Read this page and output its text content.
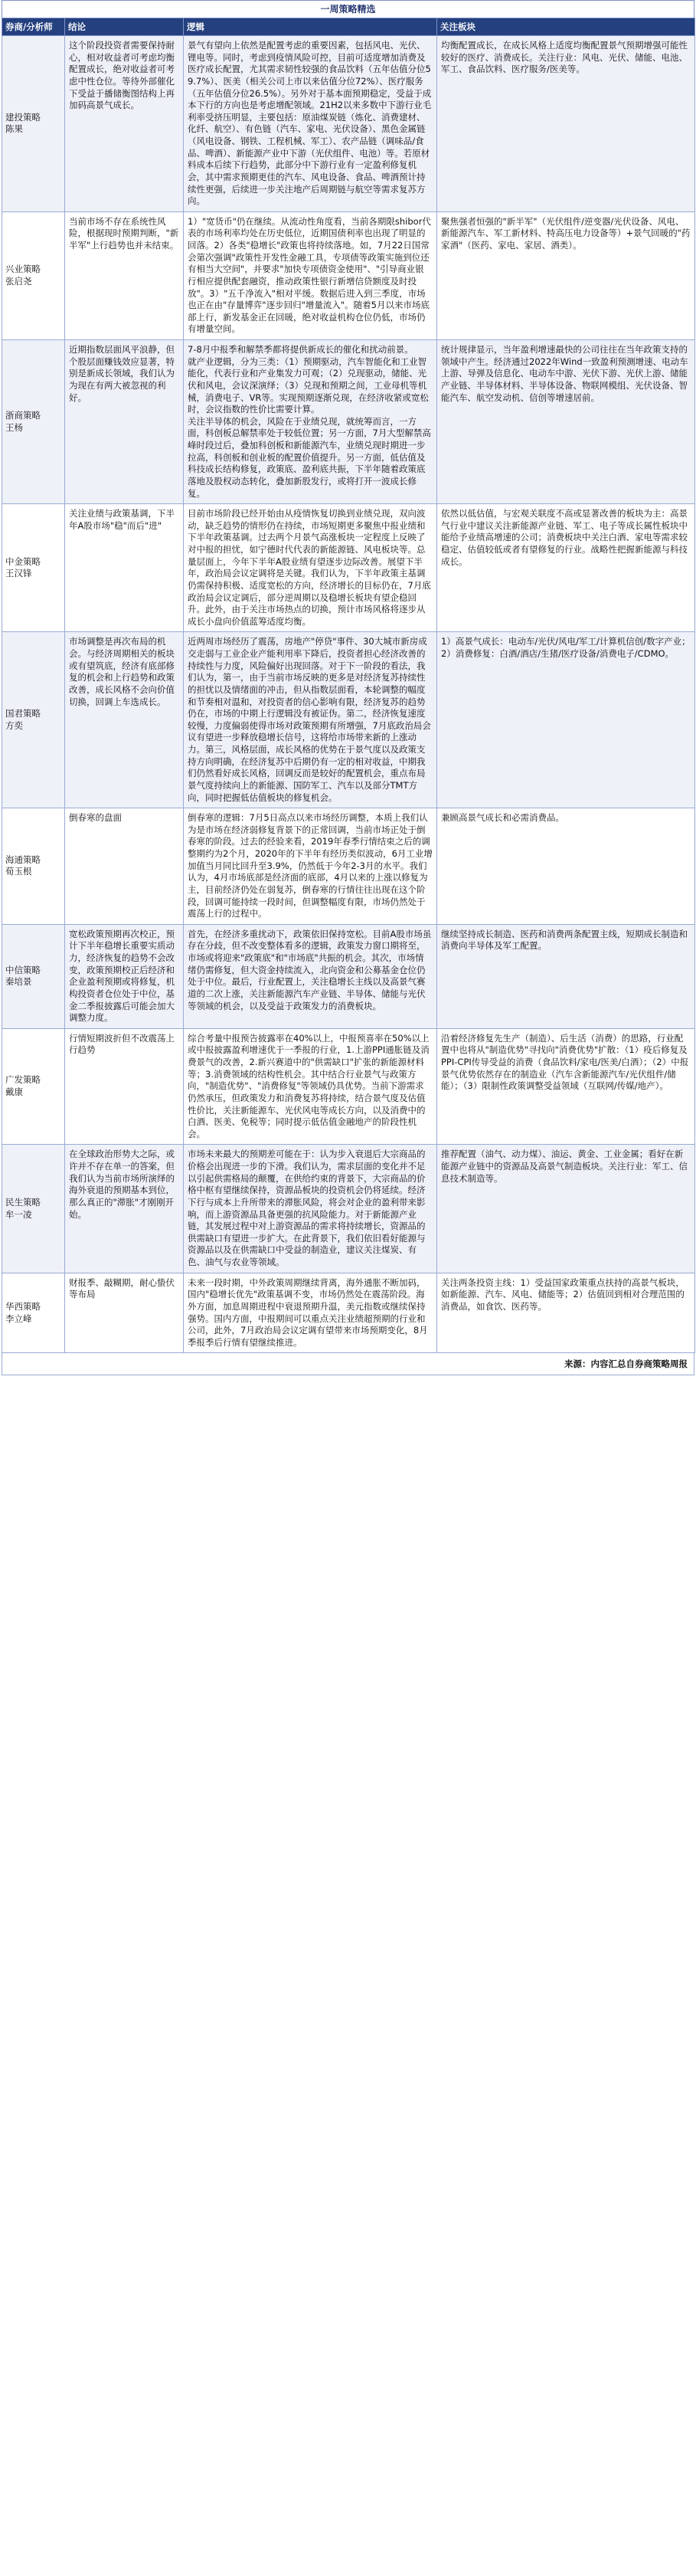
一周策略精选
券商/分析师	结论	逻辑	关注板块

建投策略
陈果	这个阶段投资者需要保持耐心，相对收益者可考虑均衡配置成长，绝对收益者可考虑中性仓位。等待外部催化下受益于播储衡图结构上再加码高景气成长。	景气有望向上依然是配置考虑的重要因素，包括风电、光伏、锂电等。同时，考虑到疫情风险可控，目前可适度增加消费及医疗成长配置，尤其需求韧性较强的食品饮料（五年估值分位59.7%）、医美（相关公司上市以来估值分位72%）、医疗服务（五年估值分位26.5%）。另外对于基本面预期稳定，受益于成本下行的方向也是考虑增配领域。21H2以来多数中下游行业毛利率受挤压明显，主要包括：原油煤炭链（炼化、消费建材、化纤、航空）、有色链（汽车、家电、光伏设备）、黑色金属链（风电设备、钢铁、工程机械、军工）、农产品链（调味品/食品、啤酒）、新能源产业中下游（光伏组件、电池）等。若原材料成本后续下行趋势，此部分中下游行业有一定盈利修复机会，其中需求预期更佳的汽车、风电设备、食品、啤酒预计持续性更强，后续进一步关注地产后周期链与航空等需求复苏方向。	均衡配置成长，在成长风格上适度均衡配置景气预期增强可能性较好的医疗、消费成长。关注行业：风电、光伏、储能、电池、军工、食品饮料、医疗服务/医美等。

兴业策略
张启尧	当前市场不存在系统性风险，根据现时预期判断，"新半军"上行趋势也并未结束。	1）"宽货币"仍在继续。从流动性角度看，当前各期限shibor代表的市场利率均处在历史低位，近期国债利率也出现了明显的回落。2）各类"稳增长"政策也将持续落地。如，7月22日国常会第次强调"政策性开发性金融工具，专项债等政策实施到位还有相当大空间"，并要求"加快专项债资金使用"、"引导商业银行相应提供配套融资，推动政策性银行新增信贷额度及时投放"。3）"五千净流入"相对平缓。数据后进入到三季度，市场也正在由"存量博弈"逐步回归"增量流入"。随着5月以来市场底部上行，新发基金正在回暖，绝对收益机构仓位仍低，市场仍有增量空间。	聚焦强者恒强的"新半军"（光伏组件/逆变器/光伏设备、风电、新能源汽车、军工新材料、特高压电力设备等）+景气回暖的"药家酒"（医药、家电、家居、酒类）。

浙商策略
王杨	近期指数层面风平浪静，但个股层面赚钱效应显著，特别是新成长领域，我们认为为现在有两大被忽视的利好。	7-8月中报季和解禁季都将提供新成长的催化和扰动前景。
就产业逻辑，分为三类：（1）预期驱动，汽车智能化和工业智能化，代表行业和产业集发力可观；（2）兑现驱动，储能、光伏和风电，会议深演绎；（3）兑现和预期之间，工业母机等机械，消费电子、VR等。实现预期逐渐兑现，在经济收紧或宽松时，会议指数的性价比需要计算。
关注半导体的机会，风险在于业绩兑现，就统筹而言，一方面，科创板总解禁率处于较低位置；另一方面，7月大型解禁高峰时段过后，叠加科创板和新能源汽车，业绩兑现时期进一步拉高，科创板和创业板的配置价值提升。另一方面，低估值及科技成长结构修复，政策底、盈利底共振，下半年随着政策底落地及股权动态转化，叠加新股发行，或将打开一波成长修复。	统计规律显示，当年盈利增速最快的公司往往在当年政策支持的领域中产生。经济通过2022年Wind一致盈利预测增速、电动车上游、导弹及信息化、电动车中游、光伏下游、光伏上游、储能产业链、半导体材料、半导体设备、物联网模组、光伏设备、智能汽车、航空发动机、信创等增速居前。

中金策略
王汉锋	关注业绩与政策基调，下半年A股市场"稳"而后"进"	目前市场阶段已经开始由从疫情恢复切换到业绩兑现，双向波动，缺乏趋势的情形仍在持续，市场短期更多聚焦中报业绩和下半年政策基调。过去两个月景气高涨板块一定程度上反映了对中报的担忧，如宁德时代代表的新能源链、风电板块等。总量层面上，今年下半年A股业绩有望逐步边际改善。展望下半年，政治局会议定调将是关键。我们认为，下半年政策主基调仍需保持积极、适度宽松的方向，经济增长的目标仍在，7月底政治局会议定调后，部分逆周期以及稳增长板块有望企稳回升。此外，由于关注市场热点的切换，预计市场风格将逐步从成长小盘向价值蓝筹适度均衡。	依然以低估值，与宏观关联度不高或显著改善的板块为主：高景气行业中建议关注新能源产业链、军工、电子等成长属性板块中能给予业绩高增速的公司；消费板块中关注白酒、家电等需求较稳定、估值较低或者有望修复的行业。战略性把握新能源与科技成长。

国君策略
方奕	市场调整是再次布局的机会。与经济周期相关的板块或有望筑底，经济有底部修复的机会和上行趋势和政策改善，成长风格不会向价值切换，回调上车选成长。	近两周市场经历了震荡，房地产"停贷"事件、30大城市新房成交走弱与工业企业产能利用率下降后，投资者担心经济改善的持续性与力度，风险偏好出现回落。对于下一阶段的看法，我们认为，第一，由于当前市场反映的更多是对经济复苏持续性的担忧以及情绪面的冲击，但从指数层面看，本轮调整的幅度和节奏相对温和，对投资者的信心影响有限，经济复苏的趋势仍在，市场的中期上行逻辑没有被证伪。第二，经济恢复速度较慢，力度偏弱使得市场对政策预期有所增强，7月底政治局会议有望进一步释放稳增长信号，这将给市场带来新的上涨动力。第三，风格层面，成长风格的优势在于景气度以及政策支持方向明确，在经济复苏中后期仍有一定的相对收益，中期我们仍然看好成长风格，回调反而是较好的配置机会，重点布局景气度持续向上的新能源、国防军工、汽车以及部分TMT方向，同时把握低估值板块的修复机会。	1）高景气成长：电动车/光伏/风电/军工/计算机信创/数字产业；2）消费修复：白酒/酒店/生猪/医疗设备/消费电子/CDMO。

海通策略
荀玉根	倒春寒的盘面	倒春寒的逻辑：7月5日高点以来市场经历调整，本质上我们认为是市场在经济弱修复背景下的正常回调，当前市场正处于倒春寒的阶段。过去的经验来看，2019年春季行情结束之后的调整期约为2个月，2020年的下半年有经历类似波动，6月工业增加值当月同比回升至3.9%，仍然低于今年2-3月的水平。我们认为，4月市场底部是经济面的底部，4月以来的上涨以修复为主，目前经济仍处在弱复苏，倒春寒的行情往往出现在这个阶段，回调可能持续一段时间，但调整幅度有限，市场仍然处于震荡上行的过程中。	兼顾高景气成长和必需消费品。

中信策略
秦培景	宽松政策预期再次校正，预计下半年稳增长重要实质动力，经济恢复的趋势不会改变，政策预期校正后经济和企业盈利预期或将修复，机构投资者仓位处于中位，基金二季报披露后可能会加大调整力度。	首先，在经济多重扰动下，政策依旧保持宽松。目前A股市场虽存在分歧，但不改变整体看多的逻辑，政策发力窗口期将至，市场或将迎来"政策底"和"市场底"共振的机会。其次，市场情绪仍需修复，但大资金持续流入，北向资金和公募基金仓位仍处于中位。最后，行业配置上，关注稳增长主线以及高景气赛道的二次上涨，关注新能源汽车产业链、半导体、储能与光伏等领域的机会，以及受益于政策发力的消费板块。	继续坚持成长制造、医药和消费两条配置主线，短期成长制造和消费向半导体及军工配置。

广发策略
戴康	行情短期波折但不改震荡上行趋势	综合考量中报预告披露率在40%以上，中报预喜率在50%以上或中报披露盈利增速优于一季报的行业，1.上游PPI通胀链及消费景气的改善，2.新兴赛道中的"供需缺口"扩张的新能源材料等；3.消费领域的结构性机会。其中结合行业景气与政策方向，"制造优势"、"消费修复"等领域仍具优势。当前下游需求仍然承压，但政策发力和消费复苏将持续，结合景气度及估值性价比，关注新能源车、光伏风电等成长方向，以及消费中的白酒、医美、免税等；同时提示低估值金融地产的阶段性机会。	沿着经济修复先生产（制造）、后生活（消费）的思路，行业配置中也将从"制造优势"寻找向"消费优势"扩散：（1）疫后修复及PPI-CPI传导受益的消费（食品饮料/家电/医美/白酒）；（2）中报景气优势依然存在的制造业（汽车含新能源汽车/光伏组件/储能）；（3）限制性政策调整受益领域（互联网/传媒/地产）。

民生策略
牟一凌	在全球政治形势大之际，或许并不存在单一的答案，但我们认为当前市场所演绎的海外衰退的预期基本到位，那么真正的"滞胀"才刚刚开始。	市场未来最大的预期差可能在于：认为步入衰退后大宗商品的价格会出现进一步的下滑。我们认为，需求层面的变化并不足以引起供需格局的颠覆，在供给约束的背景下，大宗商品的价格中枢有望继续保持，资源品板块的投资机会仍将延续。经济下行与成本上升所带来的滞胀风险，将会对企业的盈利带来影响，而上游资源品具备更强的抗风险能力。对于新能源产业链，其发展过程中对上游资源品的需求将持续增长，资源品的供需缺口有望进一步扩大。在此背景下，我们依旧看好能源与资源品以及在供需缺口中受益的制造业，建议关注煤炭、有色、油气与农业等领域。	推荐配置（油气、动力煤）、油运、黄金、工业金属；看好在新能源产业链中的资源品及高景气制造板块。关注行业：军工、信息技术制造等。

华西策略
李立峰	财报季、敲糊期，耐心蛰伏等布局	未来一段时期，中外政策周期继续背离，海外通胀不断加码，国内"稳增长优先"政策基调不变，市场仍然处在震荡阶段。海外方面，加息周期进程中衰退预期升温，美元指数或继续保持强势。国内方面，中报期间可以重点关注业绩超预期的行业和公司，此外，7月政治局会议定调有望带来市场预期变化，8月季报季后行情有望继续推进。	关注两条投资主线：1）受益国家政策重点扶持的高景气板块，如新能源、汽车、风电、储能等；2）估值回到相对合理范围的消费品，如食饮、医药等。
来源：内容汇总自券商策略周报
